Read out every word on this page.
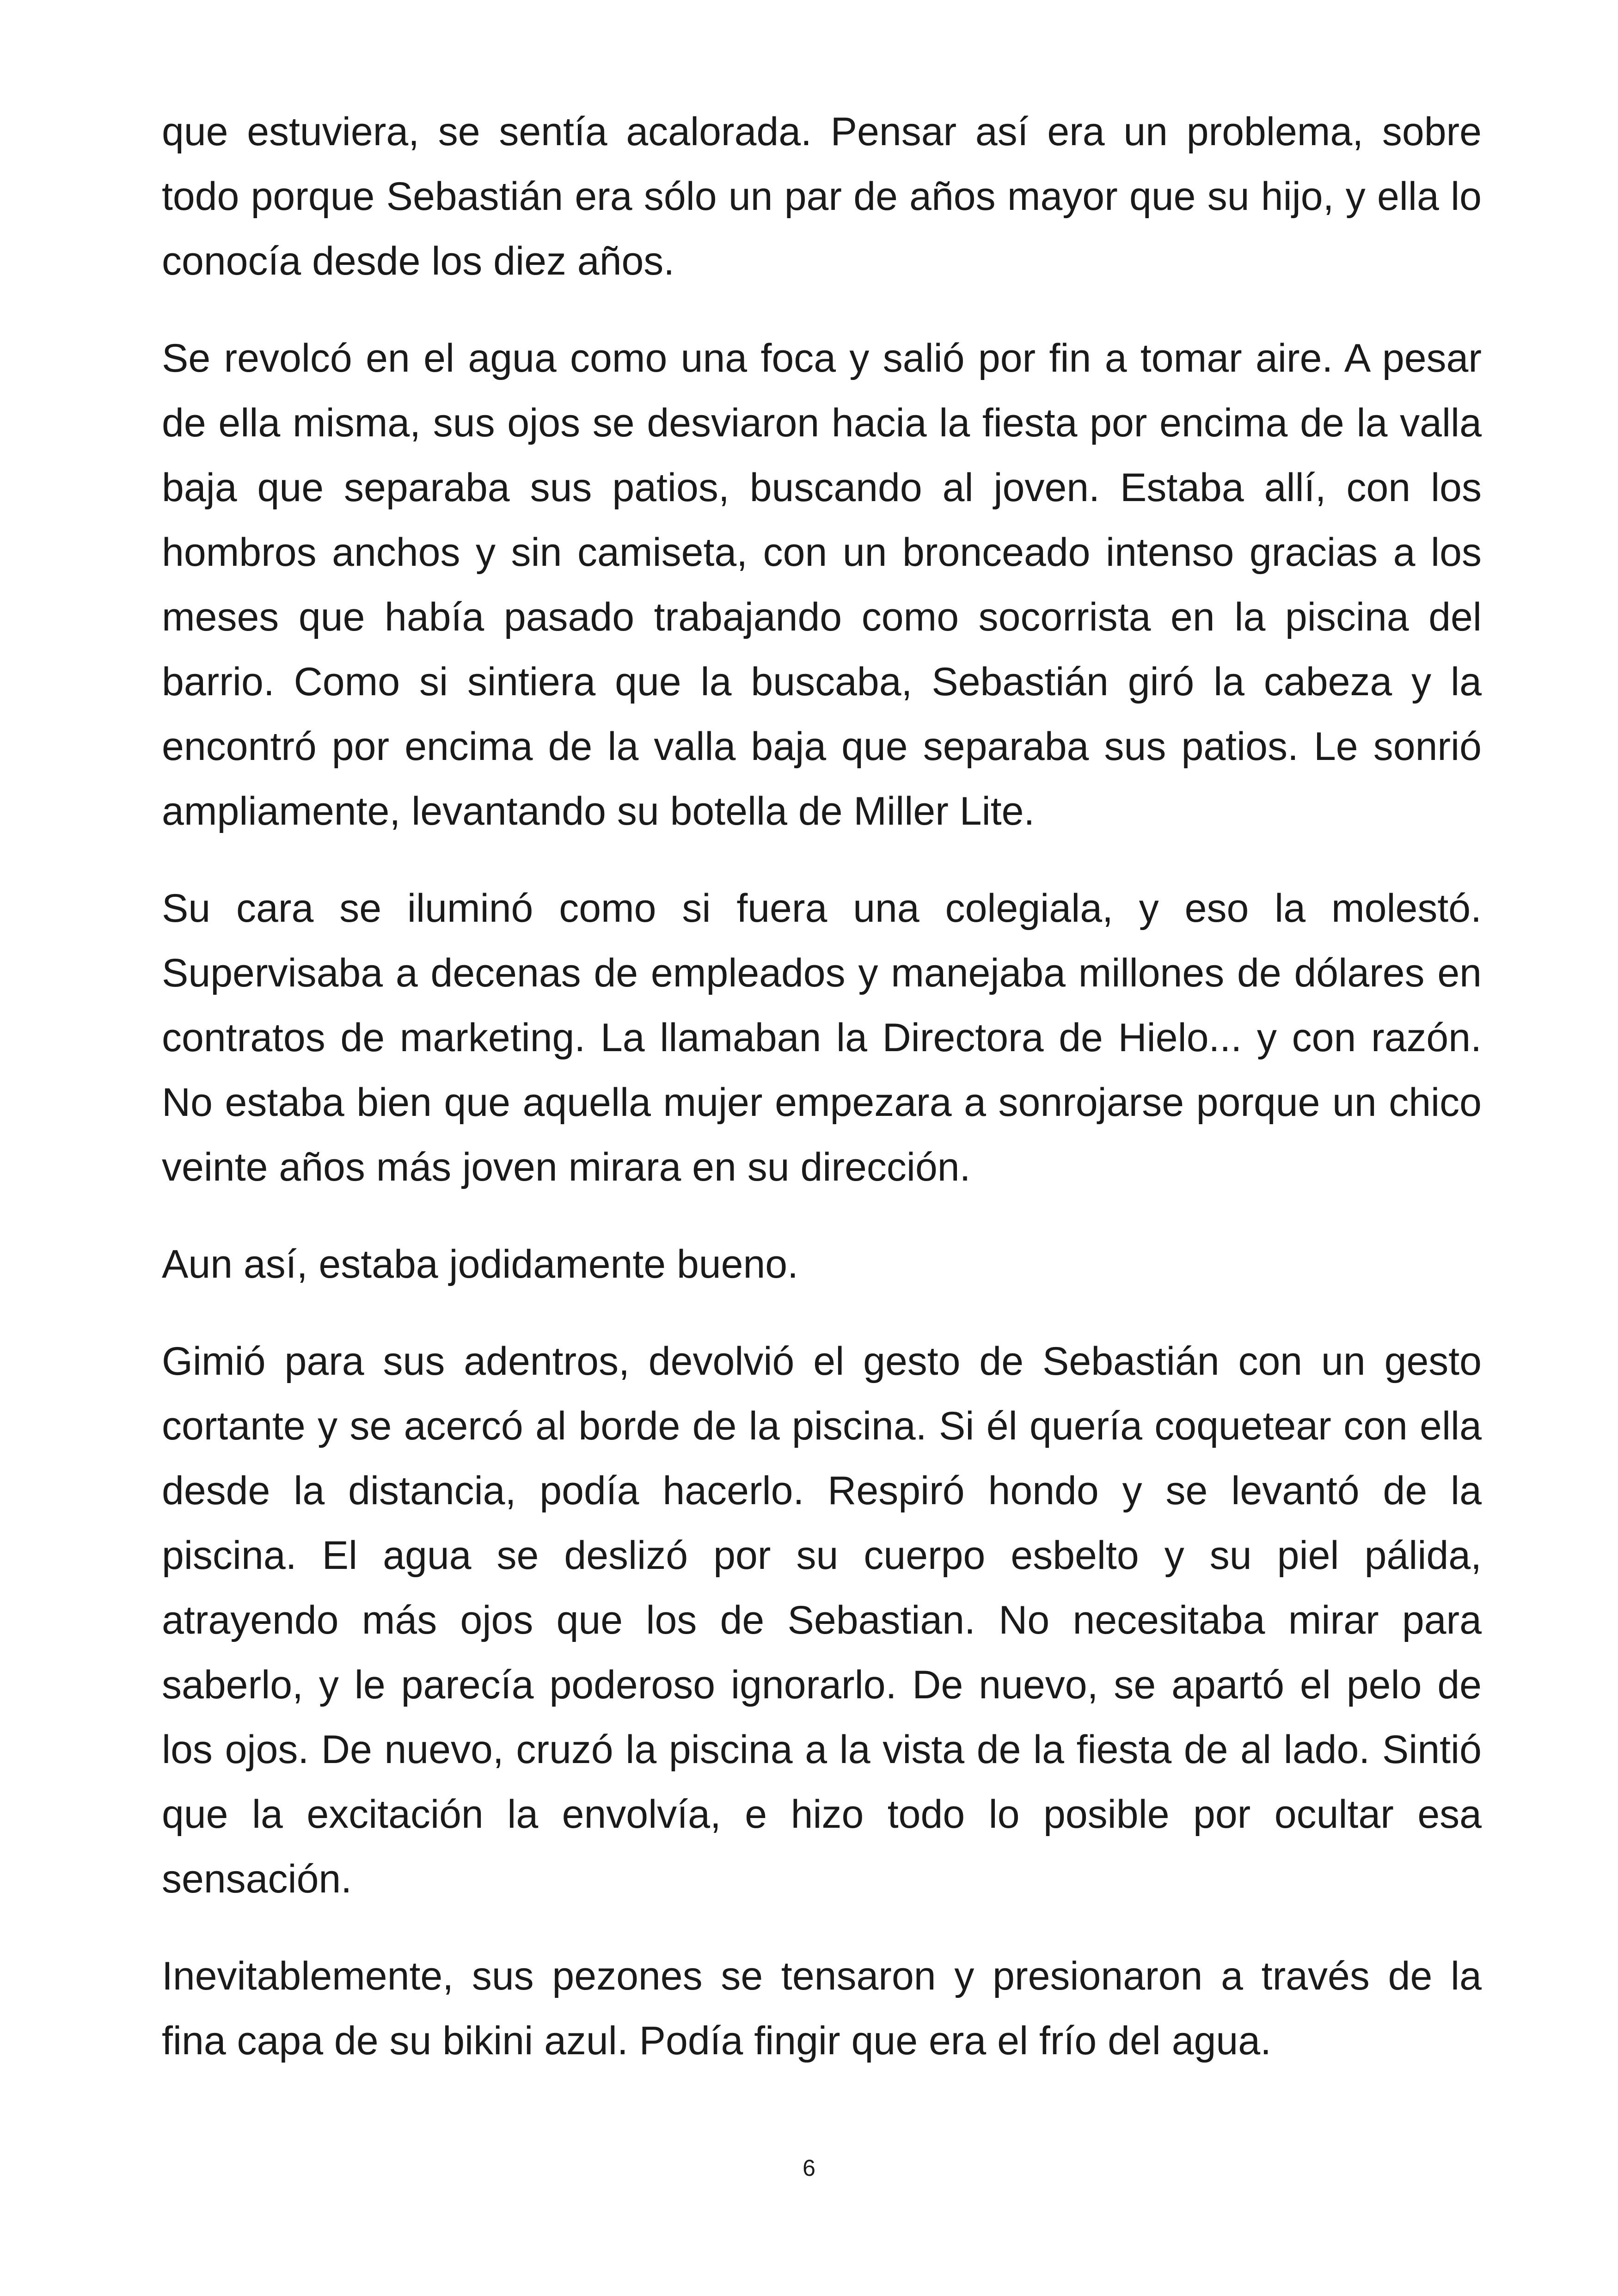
que estuviera, se sentía acalorada. Pensar así era un problema, sobre todo porque Sebastián era sólo un par de años mayor que su hijo, y ella lo conocía desde los diez años.

Se revolcó en el agua como una foca y salió por fin a tomar aire. A pesar de ella misma, sus ojos se desviaron hacia la fiesta por encima de la valla baja que separaba sus patios, buscando al joven. Estaba allí, con los hombros anchos y sin camiseta, con un bronceado intenso gracias a los meses que había pasado trabajando como socorrista en la piscina del barrio. Como si sintiera que la buscaba, Sebastián giró la cabeza y la encontró por encima de la valla baja que separaba sus patios. Le sonrió ampliamente, levantando su botella de Miller Lite.

Su cara se iluminó como si fuera una colegiala, y eso la molestó. Supervisaba a decenas de empleados y manejaba millones de dólares en contratos de marketing. La llamaban la Directora de Hielo... y con razón. No estaba bien que aquella mujer empezara a sonrojarse porque un chico veinte años más joven mirara en su dirección.

Aun así, estaba jodidamente bueno.

Gimió para sus adentros, devolvió el gesto de Sebastián con un gesto cortante y se acercó al borde de la piscina. Si él quería coquetear con ella desde la distancia, podía hacerlo. Respiró hondo y se levantó de la piscina. El agua se deslizó por su cuerpo esbelto y su piel pálida, atrayendo más ojos que los de Sebastian. No necesitaba mirar para saberlo, y le parecía poderoso ignorarlo. De nuevo, se apartó el pelo de los ojos. De nuevo, cruzó la piscina a la vista de la fiesta de al lado. Sintió que la excitación la envolvía, e hizo todo lo posible por ocultar esa sensación.

Inevitablemente, sus pezones se tensaron y presionaron a través de la fina capa de su bikini azul. Podía fingir que era el frío del agua.

6
